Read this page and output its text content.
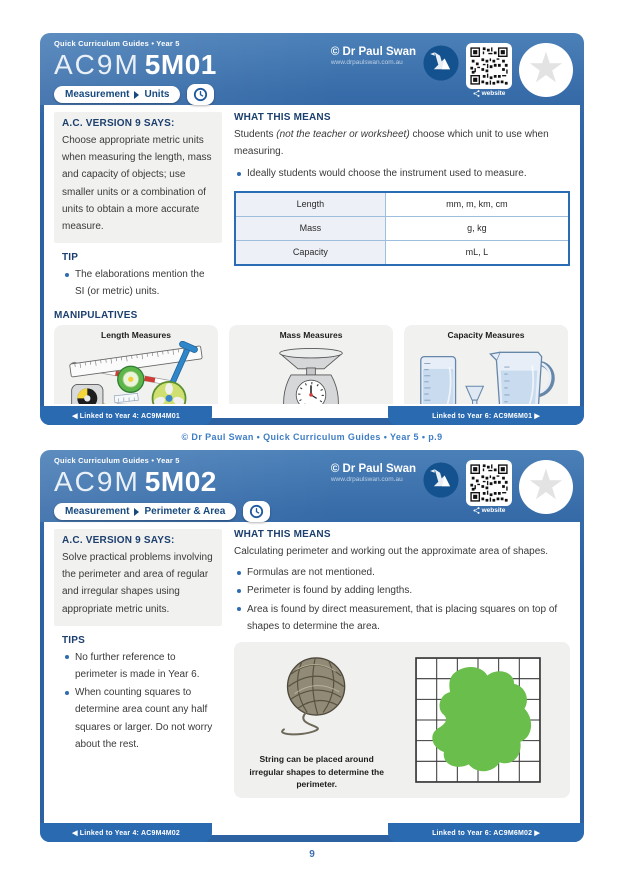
Quick Curriculum Guides • Year 5
AC9M 5M01
Measurement Units
© Dr Paul Swan
www.drpaulswan.com.au
website
★
A.C. VERSION 9 SAYS:

Choose appropriate metric units when measuring the length, mass and capacity of objects; use smaller units or a combination of units to obtain a more accurate measure.

TIP
The elaborations mention the SI (or metric) units.
WHAT THIS MEANS

Students (not the teacher or worksheet) choose which unit to use when measuring.

Ideally students would choose the instrument used to measure.
Length	mm, m, km, cm
Mass	g, kg
Capacity	mL, L
MANIPULATIVES
Length Measures	Mass Measures	Capacity Measures
◀ Linked to Year 4: AC9M4M01	Linked to Year 6: AC9M6M01 ▶
© Dr Paul Swan • Quick Curriculum Guides • Year 5 • p.9
Quick Curriculum Guides • Year 5
AC9M 5M02
Measurement Perimeter & Area
© Dr Paul Swan
www.drpaulswan.com.au
website
★
A.C. VERSION 9 SAYS:

Solve practical problems involving the perimeter and area of regular and irregular shapes using appropriate metric units.

TIPS
No further reference to perimeter is made in Year 6.
When counting squares to determine area count any half squares or larger. Do not worry about the rest.
WHAT THIS MEANS

Calculating perimeter and working out the approximate area of shapes.

Formulas are not mentioned.
Perimeter is found by adding lengths.
Area is found by direct measurement, that is placing squares on top of shapes to determine the area.
String can be placed around irregular shapes to determine the perimeter.
◀ Linked to Year 4: AC9M4M02	Linked to Year 6: AC9M6M02 ▶
9
